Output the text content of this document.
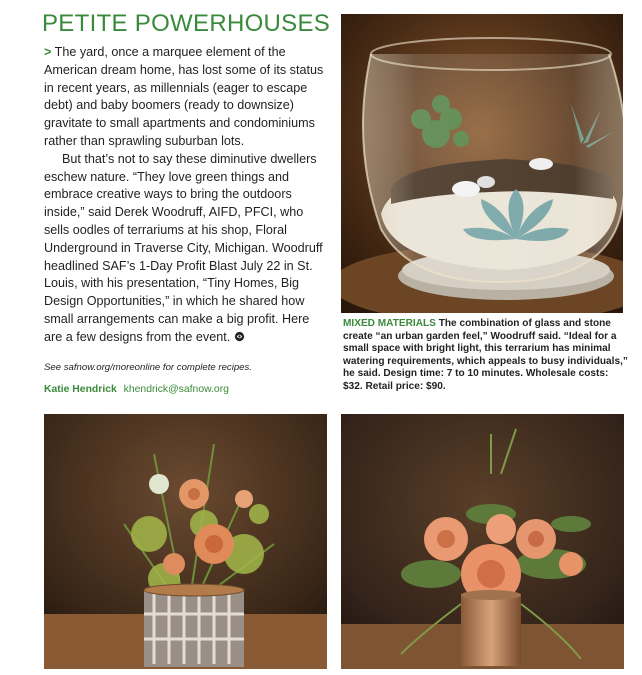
PETITE POWERHOUSES

> The yard, once a marquee element of the American dream home, has lost some of its status in recent years, as millennials (eager to escape debt) and baby boomers (ready to downsize) gravitate to small apartments and condominiums rather than sprawling suburban lots.

But that’s not to say these diminutive dwellers eschew nature. “They love green things and embrace creative ways to bring the outdoors inside,” said Derek Woodruff, AIFD, PFCI, who sells oodles of terrariums at his shop, Floral Underground in Traverse City, Michigan. Woodruff headlined SAF’s 1-Day Profit Blast July 22 in St. Louis, with his presentation, “Tiny Homes, Big Design Opportunities,” in which he shared how small arrangements can make a big profit. Here are a few designs from the event.

See safnow.org/moreonline for complete recipes.
Katie Hendrick khendrick@safnow.org
MIXED MATERIALS The combination of glass and stone create “an urban garden feel,” Woodruff said. “Ideal for a small space with bright light, this terrarium has minimal watering requirements, which appeals to busy individuals,” he said. Design time: 7 to 10 minutes. Wholesale costs: $32. Retail price: $90.
